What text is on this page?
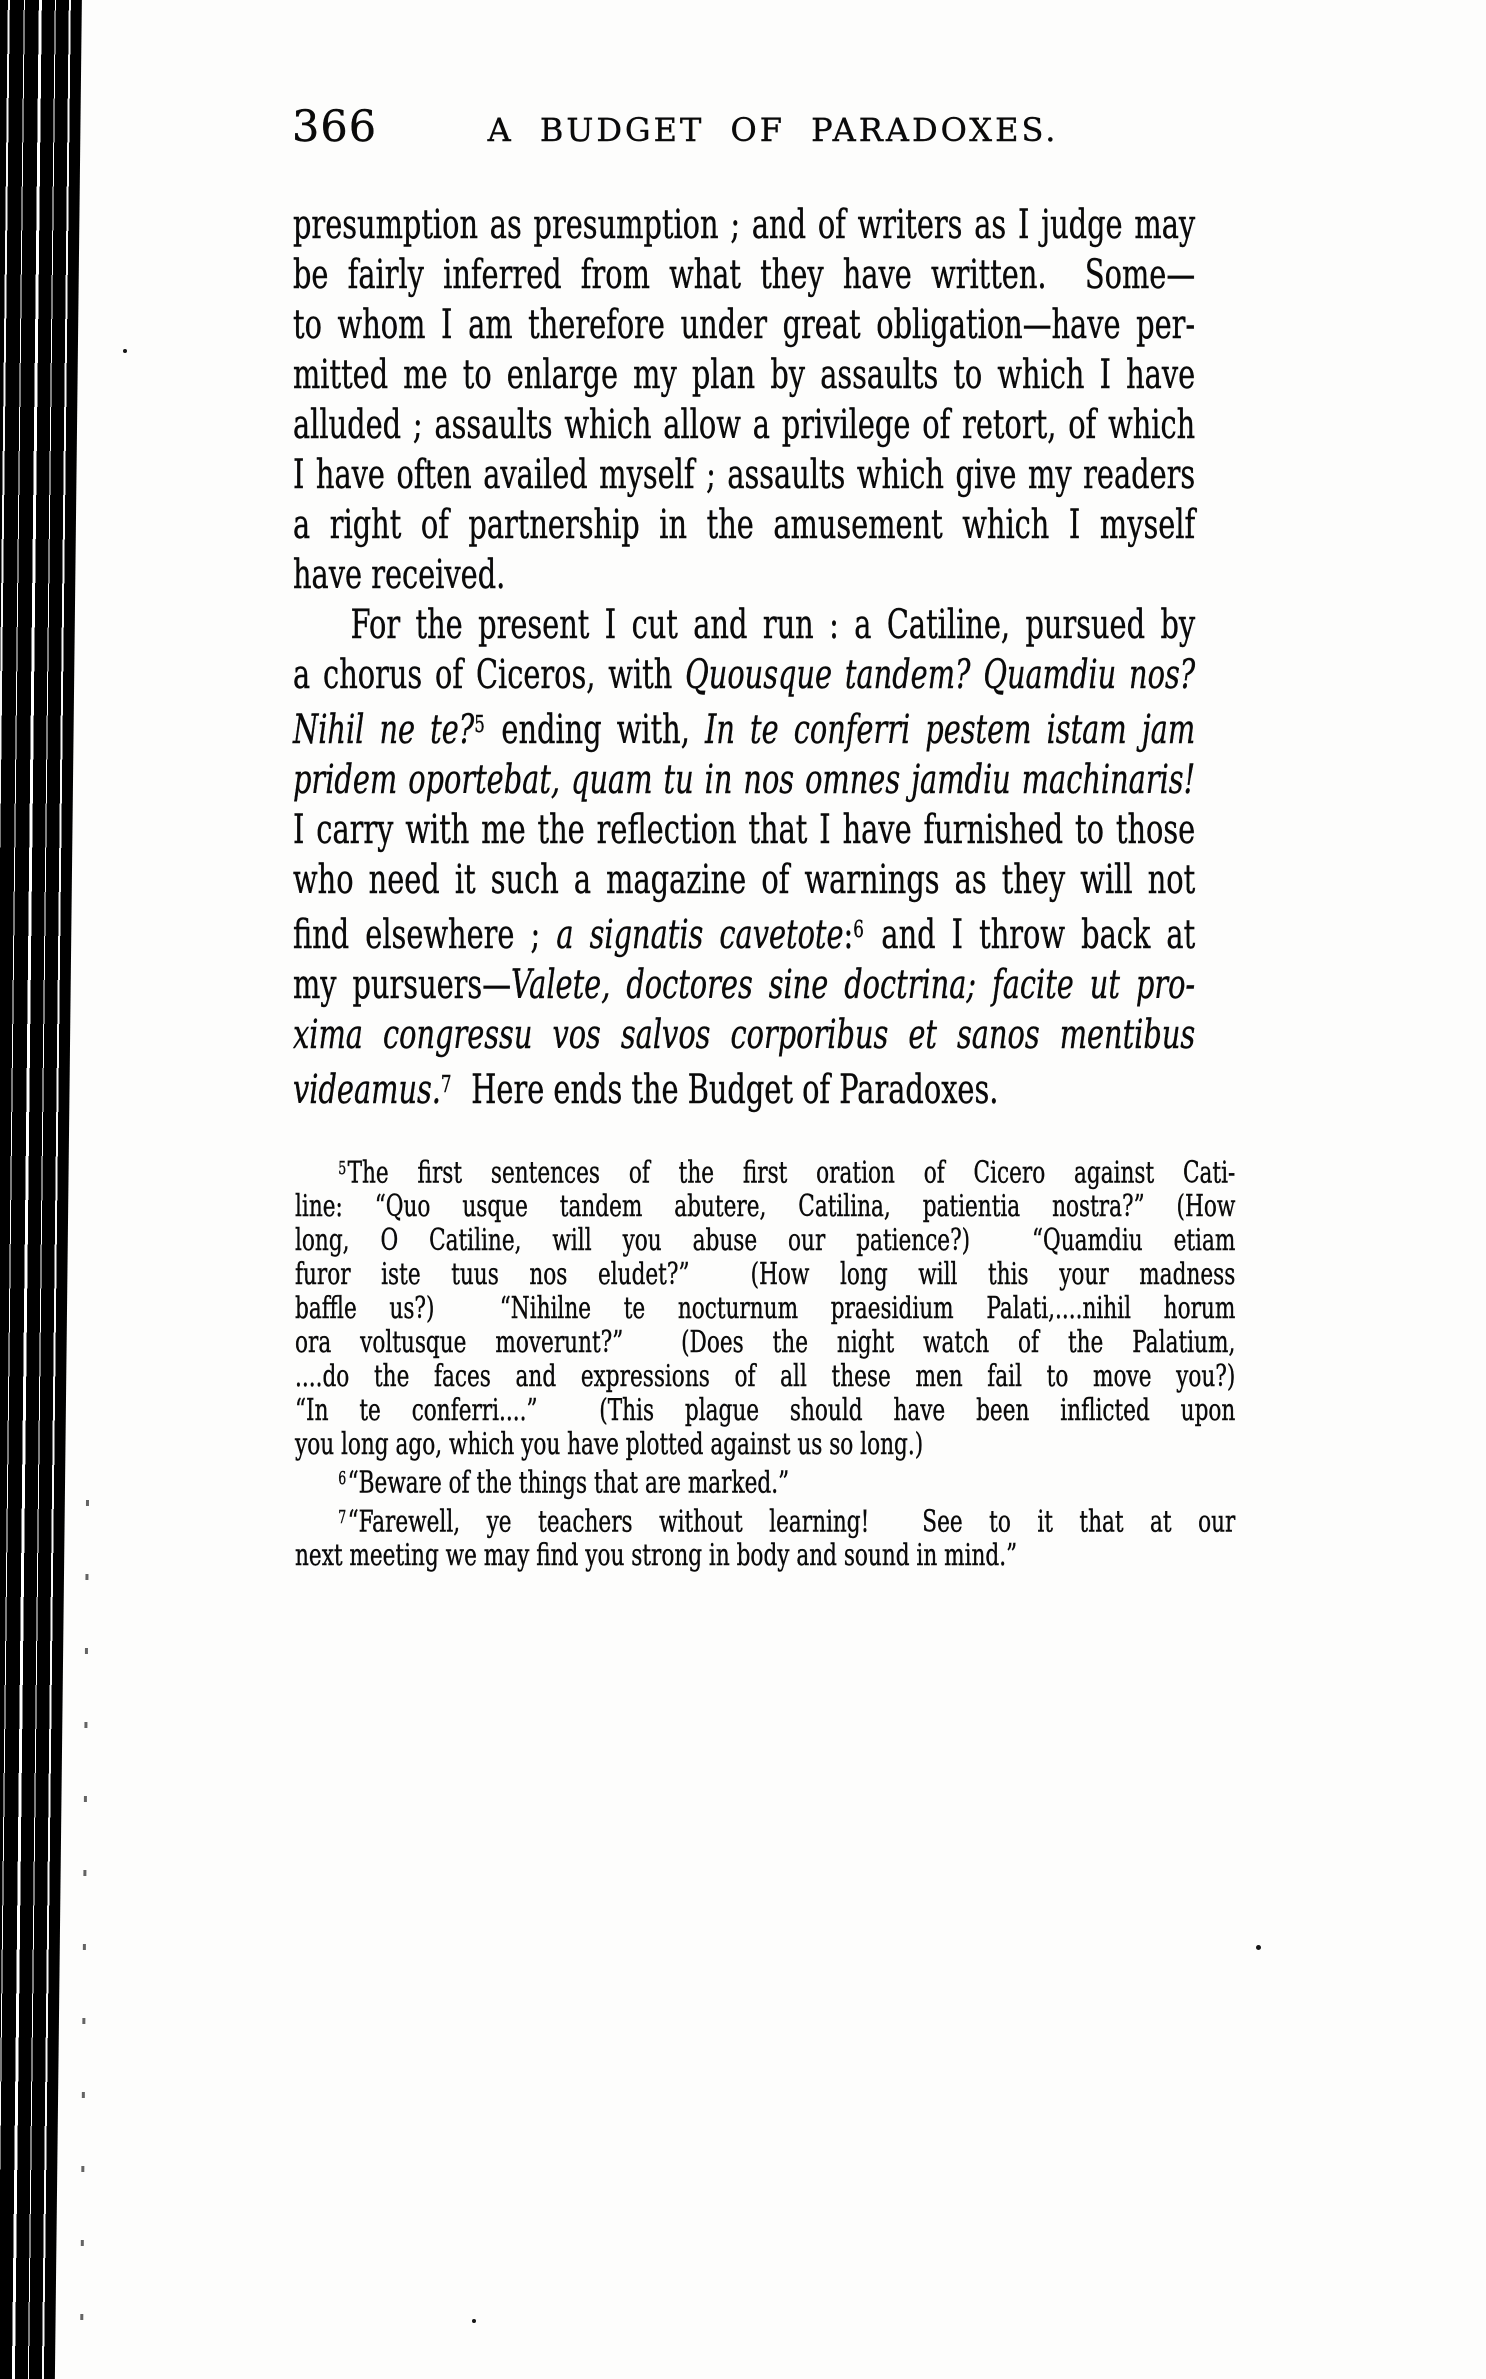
366	A BUDGET OF PARADOXES.
presumption as presumption ; and of writers as I judge may
be fairly inferred from what they have written.  Some—
to whom I am therefore under great obligation—have per-
mitted me to enlarge my plan by assaults to which I have
alluded ; assaults which allow a privilege of retort, of which
I have often availed myself ; assaults which give my readers
a right of partnership in the amusement which I myself
have received.
For the present I cut and run : a Catiline, pursued by
a chorus of Ciceros, with Quousque tandem? Quamdiu nos?
Nihil ne te?$^5$ ending with, In te conferri pestem istam jam
pridem oportebat, quam tu in nos omnes jamdiu machinaris!
I carry with me the reflection that I have furnished to those
who need it such a magazine of warnings as they will not
find elsewhere ; a signatis cavetote:$^6$ and I throw back at
my pursuers—Valete, doctores sine doctrina; facite ut pro-
xima congressu vos salvos corporibus et sanos mentibus
videamus.$^7$  Here ends the Budget of Paradoxes.
$^5$The first sentences of the first oration of Cicero against Cati-
line: “Quo usque tandem abutere, Catilina, patientia nostra?” (How
long, O Catiline, will you abuse our patience?)  “Quamdiu etiam
furor iste tuus nos eludet?”  (How long will this your madness
baffle us?)  “Nihilne te nocturnum praesidium Palati,....nihil horum
ora voltusque moverunt?”  (Does the night watch of the Palatium,
....do the faces and expressions of all these men fail to move you?)
“In te conferri....”  (This plague should have been inflicted upon
you long ago, which you have plotted against us so long.)
$^6$“Beware of the things that are marked.”
$^7$“Farewell, ye teachers without learning!  See to it that at our
next meeting we may find you strong in body and sound in mind.”
